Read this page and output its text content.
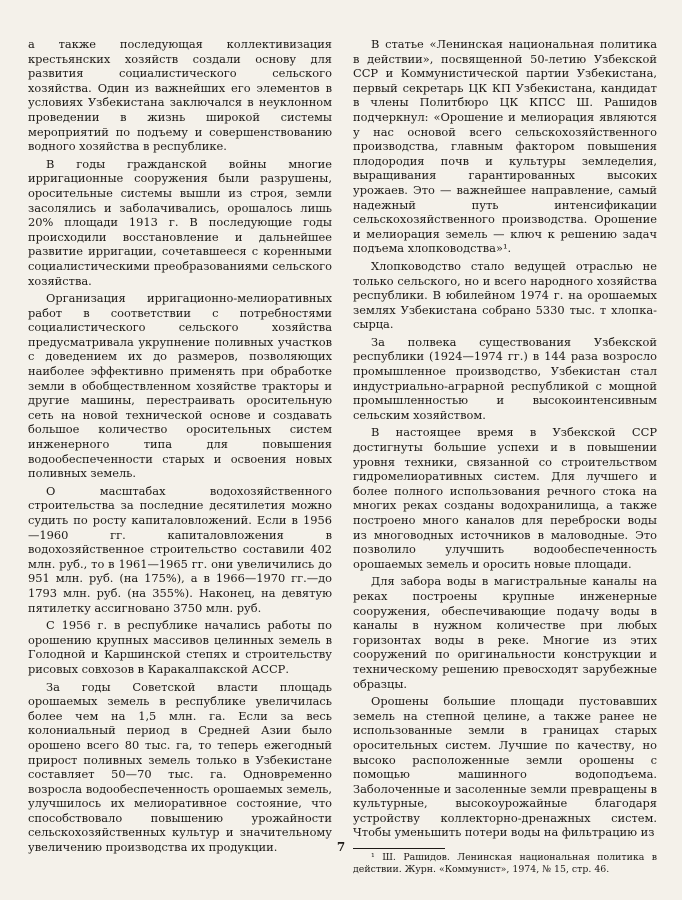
а также последующая коллективизация крестьянских хозяйств создали основу для развития социалистического сельского хозяйства. Один из важнейших его элементов в условиях Узбекистана заключался в неуклонном проведении в жизнь широкой системы мероприятий по подъему и совершенствованию водного хозяйства в республике.

В годы гражданской войны многие ирригационные сооружения были разрушены, оросительные системы вышли из строя, земли засолялись и заболачивались, орошалось лишь 20% площади 1913 г. В последующие годы происходили восстановление и дальнейшее развитие ирригации, сочетавшееся с коренными социалистическими преобразованиями сельского хозяйства.

Организация ирригационно-мелиоративных работ в соответствии с потребностями социалистического сельского хозяйства предусматривала укрупнение поливных участков с доведением их до размеров, позволяющих наиболее эффективно применять при обработке земли в обобществленном хозяйстве тракторы и другие машины, перестраивать оросительную сеть на новой технической основе и создавать большое количество оросительных систем инженерного типа для повышения водообеспеченности старых и освоения новых поливных земель.

О масштабах водохозяйственного строительства за последние десятилетия можно судить по росту капиталовложений. Если в 1956—1960 гг. капиталовложения в водохозяйственное строительство составили 402 млн. руб., то в 1961—1965 гг. они увеличились до 951 млн. руб. (на 175%), а в 1966—1970 гг.—до 1793 млн. руб. (на 355%). Наконец, на девятую пятилетку ассигновано 3750 млн. руб.

С 1956 г. в республике начались работы по орошению крупных массивов целинных земель в Голодной и Каршинской степях и строительству рисовых совхозов в Каракалпакской АССР.

За годы Советской власти площадь орошаемых земель в республике увеличилась более чем на 1,5 млн. га. Если за весь колониальный период в Средней Азии было орошено всего 80 тыс. га, то теперь ежегодный прирост поливных земель только в Узбекистане составляет 50—70 тыс. га. Одновременно возросла водообеспеченность орошаемых земель, улучшилось их мелиоративное состояние, что способствовало повышению урожайности сельскохозяйственных культур и значительному увеличению производства их продукции.

В статье «Ленинская национальная политика в действии», посвященной 50-летию Узбекской ССР и Коммунистической партии Узбекистана, первый секретарь ЦК КП Узбекистана, кандидат в члены Политбюро ЦК КПСС Ш. Рашидов подчеркнул: «Орошение и мелиорация являются у нас основой всего сельскохозяйственного производства, главным фактором повышения плодородия почв и культуры земледелия, выращивания гарантированных высоких урожаев. Это — важнейшее направление, самый надежный путь интенсификации сельскохозяйственного производства. Орошение и мелиорация земель — ключ к решению задач подъема хлопководства»¹.

Хлопководство стало ведущей отраслью не только сельского, но и всего народного хозяйства республики. В юбилейном 1974 г. на орошаемых землях Узбекистана собрано 5330 тыс. т хлопка-сырца.

За полвека существования Узбекской республики (1924—1974 гг.) в 144 раза возросло промышленное производство, Узбекистан стал индустриально-аграрной республикой с мощной промышленностью и высокоинтенсивным сельским хозяйством.

В настоящее время в Узбекской ССР достигнуты большие успехи и в повышении уровня техники, связанной со строительством гидромелиоративных систем. Для лучшего и более полного использования речного стока на многих реках созданы водохранилища, а также построено много каналов для переброски воды из многоводных источников в маловодные. Это позволило улучшить водообеспеченность орошаемых земель и оросить новые площади.

Для забора воды в магистральные каналы на реках построены крупные инженерные сооружения, обеспечивающие подачу воды в каналы в нужном количестве при любых горизонтах воды в реке. Многие из этих сооружений по оригинальности конструкции и техническому решению превосходят зарубежные образцы.

Орошены большие площади пустовавших земель на степной целине, а также ранее не использованные земли в границах старых оросительных систем. Лучшие по качеству, но высоко расположенные земли орошены с помощью машинного водоподъема. Заболоченные и засоленные земли превращены в культурные, высокоурожайные благодаря устройству коллекторно-дренажных систем. Чтобы уменьшить потери воды на фильтрацию из

¹ Ш. Рашидов. Ленинская национальная политика в действии. Журн. «Коммунист», 1974, № 15, стр. 46.

7
